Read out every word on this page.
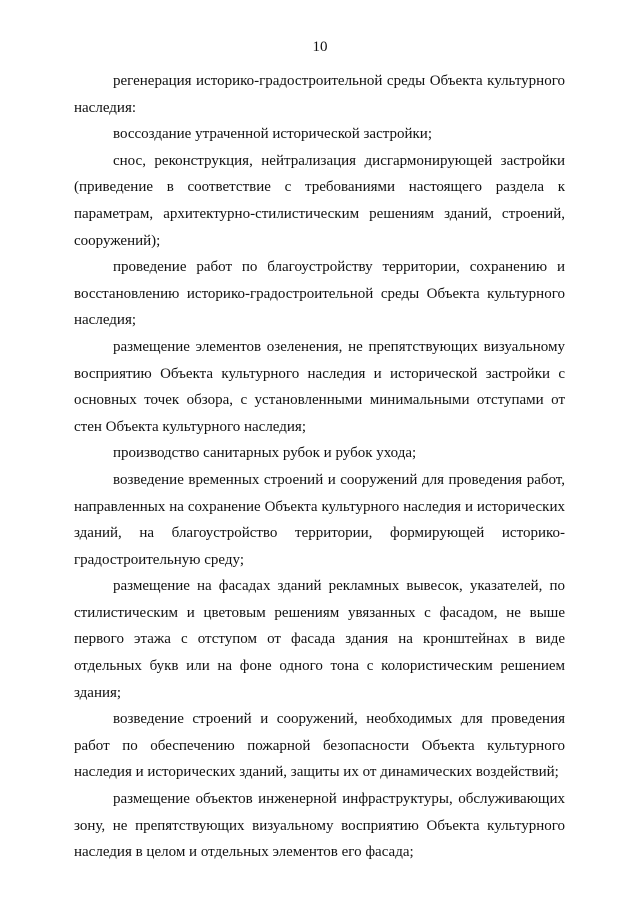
10

регенерация историко-градостроительной среды Объекта культурного наследия:

воссоздание утраченной исторической застройки;

снос, реконструкция, нейтрализация дисгармонирующей застройки (приведение в соответствие с требованиями настоящего раздела к параметрам, архитектурно-стилистическим решениям зданий, строений, сооружений);

проведение работ по благоустройству территории, сохранению и восстановлению историко-градостроительной среды Объекта культурного наследия;

размещение элементов озеленения, не препятствующих визуальному восприятию Объекта культурного наследия и исторической застройки с основных точек обзора, с установленными минимальными отступами от стен Объекта культурного наследия;

производство санитарных рубок и рубок ухода;

возведение временных строений и сооружений для проведения работ, направленных на сохранение Объекта культурного наследия и исторических зданий, на благоустройство территории, формирующей историко-градостроительную среду;

размещение на фасадах зданий рекламных вывесок, указателей, по стилистическим и цветовым решениям увязанных с фасадом, не выше первого этажа с отступом от фасада здания на кронштейнах в виде отдельных букв или на фоне одного тона с колористическим решением здания;

возведение строений и сооружений, необходимых для проведения работ по обеспечению пожарной безопасности Объекта культурного наследия и исторических зданий, защиты их от динамических воздействий;

размещение объектов инженерной инфраструктуры, обслуживающих зону, не препятствующих визуальному восприятию Объекта культурного наследия в целом и отдельных элементов его фасада;
